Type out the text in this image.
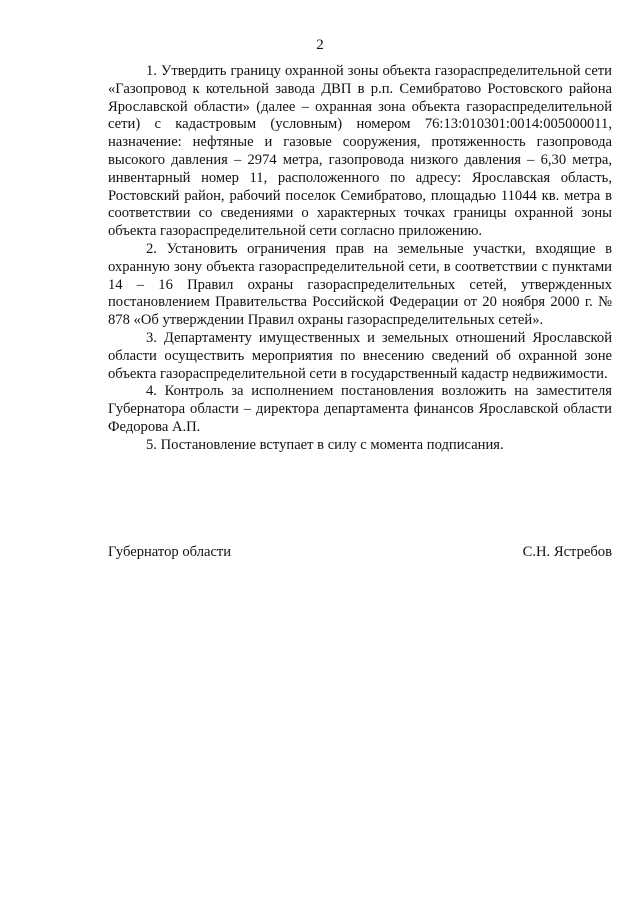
2

1. Утвердить границу охранной зоны объекта газораспределительной сети «Газопровод к котельной завода ДВП в р.п. Семибратово Ростовского района Ярославской области» (далее – охранная зона объекта газораспределительной сети) с кадастровым (условным) номером 76:13:010301:0014:005000011, назначение: нефтяные и газовые сооружения, протяженность газопровода высокого давления – 2974 метра, газопровода низкого давления – 6,30 метра, инвентарный номер 11, расположенного по адресу: Ярославская область, Ростовский район, рабочий поселок Семибратово, площадью 11044 кв. метра в соответствии со сведениями о характерных точках границы охранной зоны объекта газораспределительной сети согласно приложению.

2. Установить ограничения прав на земельные участки, входящие в охранную зону объекта газораспределительной сети, в соответствии с пунктами 14 – 16 Правил охраны газораспределительных сетей, утвержденных постановлением Правительства Российской Федерации от 20 ноября 2000 г. № 878 «Об утверждении Правил охраны газораспределительных сетей».

3. Департаменту имущественных и земельных отношений Ярославской области осуществить мероприятия по внесению сведений об охранной зоне объекта газораспределительной сети в государственный кадастр недвижимости.

4. Контроль за исполнением постановления возложить на заместителя Губернатора области – директора департамента финансов Ярославской области Федорова А.П.

5. Постановление вступает в силу с момента подписания.

Губернатор области	С.Н. Ястребов
